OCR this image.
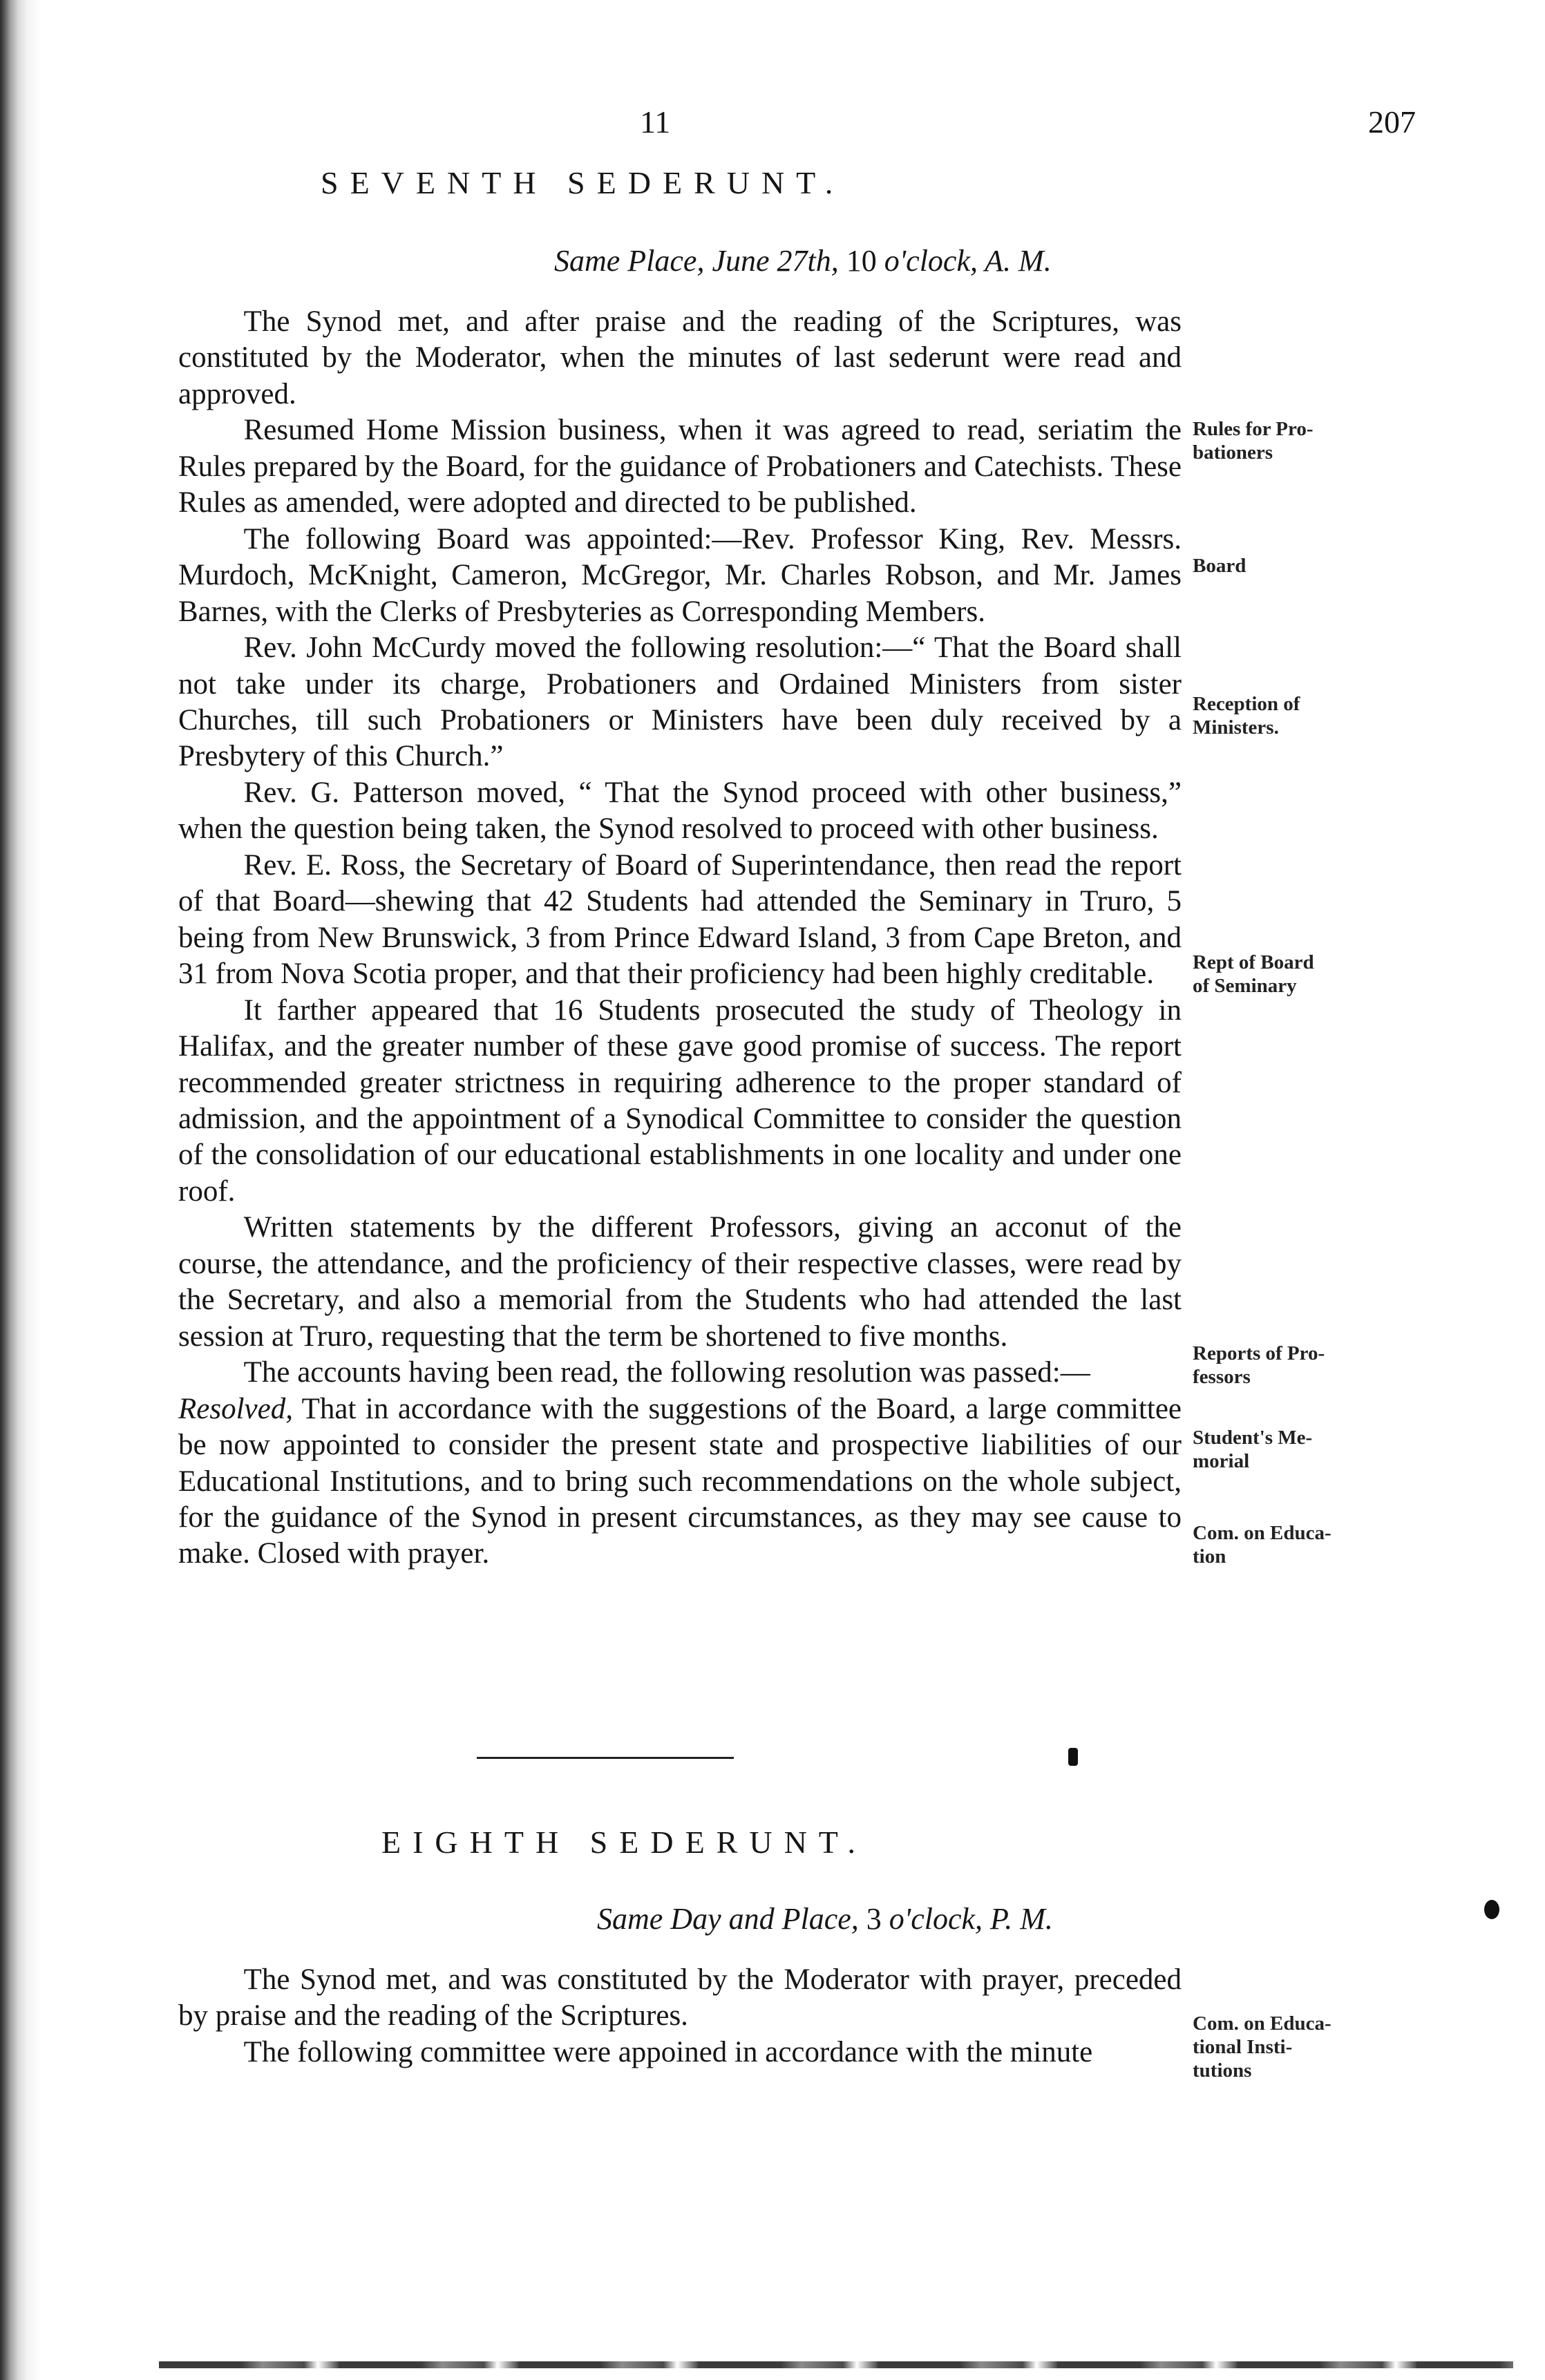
11	207
SEVENTH SEDERUNT.
Same Place, June 27th, 10 o'clock, A. M.

The Synod met, and after praise and the reading of the Scriptures, was constituted by the Moderator, when the minutes of last sederunt were read and approved.

Resumed Home Mission business, when it was agreed to read, seriatim the Rules prepared by the Board, for the guidance of Probationers and Catechists. These Rules as amended, were adopted and directed to be published.

The following Board was appointed:—Rev. Professor King, Rev. Messrs. Murdoch, McKnight, Cameron, McGregor, Mr. Charles Robson, and Mr. James Barnes, with the Clerks of Presbyteries as Corresponding Members.

Rev. John McCurdy moved the following resolution:—“ That the Board shall not take under its charge, Probationers and Ordained Ministers from sister Churches, till such Probationers or Ministers have been duly received by a Presbytery of this Church.”

Rev. G. Patterson moved, “ That the Synod proceed with other business,” when the question being taken, the Synod resolved to proceed with other business.

Rev. E. Ross, the Secretary of Board of Superintendance, then read the report of that Board—shewing that 42 Students had attended the Seminary in Truro, 5 being from New Brunswick, 3 from Prince Edward Island, 3 from Cape Breton, and 31 from Nova Scotia proper, and that their proficiency had been highly creditable.

It farther appeared that 16 Students prosecuted the study of Theology in Halifax, and the greater number of these gave good promise of success. The report recommended greater strictness in requiring adherence to the proper standard of admission, and the appointment of a Synodical Committee to consider the question of the consolidation of our educational establishments in one locality and under one roof.

Written statements by the different Professors, giving an acconut of the course, the attendance, and the proficiency of their respective classes, were read by the Secretary, and also a memorial from the Students who had attended the last session at Truro, requesting that the term be shortened to five months.

The accounts having been read, the following resolution was passed:—

Resolved, That in accordance with the suggestions of the Board, a large committee be now appointed to consider the present state and prospective liabilities of our Educational Institutions, and to bring such recommendations on the whole subject, for the guidance of the Synod in present circumstances, as they may see cause to make. Closed with prayer.

EIGHTH SEDERUNT.
Same Day and Place, 3 o'clock, P. M.

The Synod met, and was constituted by the Moderator with prayer, preceded by praise and the reading of the Scriptures.

The following committee were appoined in accordance with the minute

Rules for Pro-
bationers
Board
Reception of
Ministers.
Rept of Board
of Seminary
Reports of Pro-
fessors
Student's Me-
morial
Com. on Educa-
tion
Com. on Educa-
tional Insti-
tutions
